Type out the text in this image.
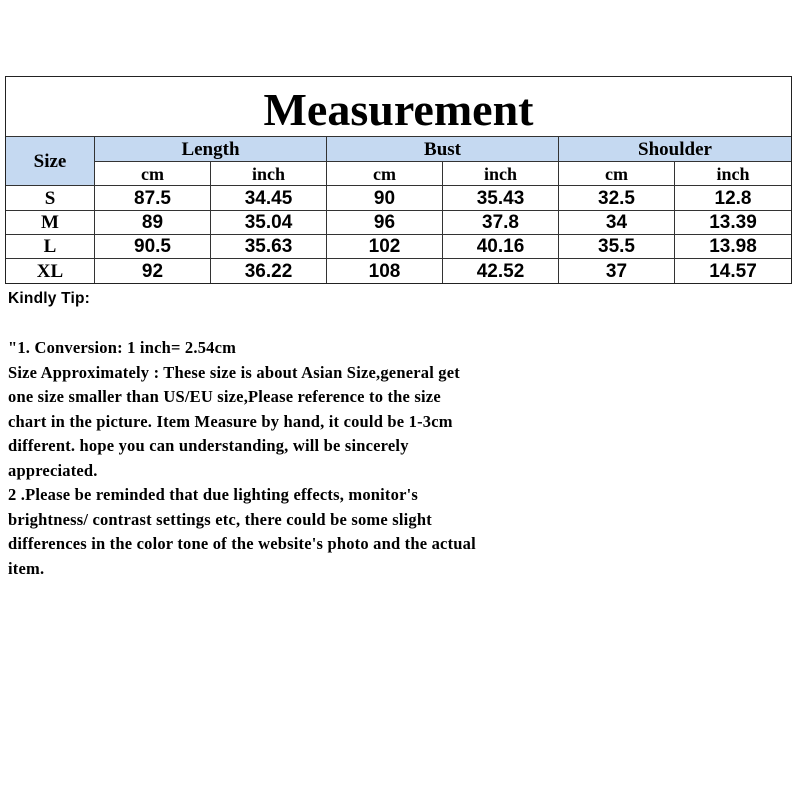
Measurement
Size
Length
cm	inch
Bust
cm	inch
Shoulder
cm	inch
S	87.5	34.45	90	35.43	32.5	12.8
M	89	35.04	96	37.8	34	13.39
L	90.5	35.63	102	40.16	35.5	13.98
XL	92	36.22	108	42.52	37	14.57
Kindly Tip:
"1. Conversion: 1 inch= 2.54cm
Size Approximately : These size is about Asian Size,general get
one size smaller than US/EU size,Please reference to the size
chart in the picture. Item Measure by hand, it could be 1-3cm
different. hope you can understanding, will be sincerely
appreciated.
2 .Please be reminded that due lighting effects, monitor's
brightness/ contrast settings etc, there could be some slight
differences in the color tone of the website's photo and the actual
item.
